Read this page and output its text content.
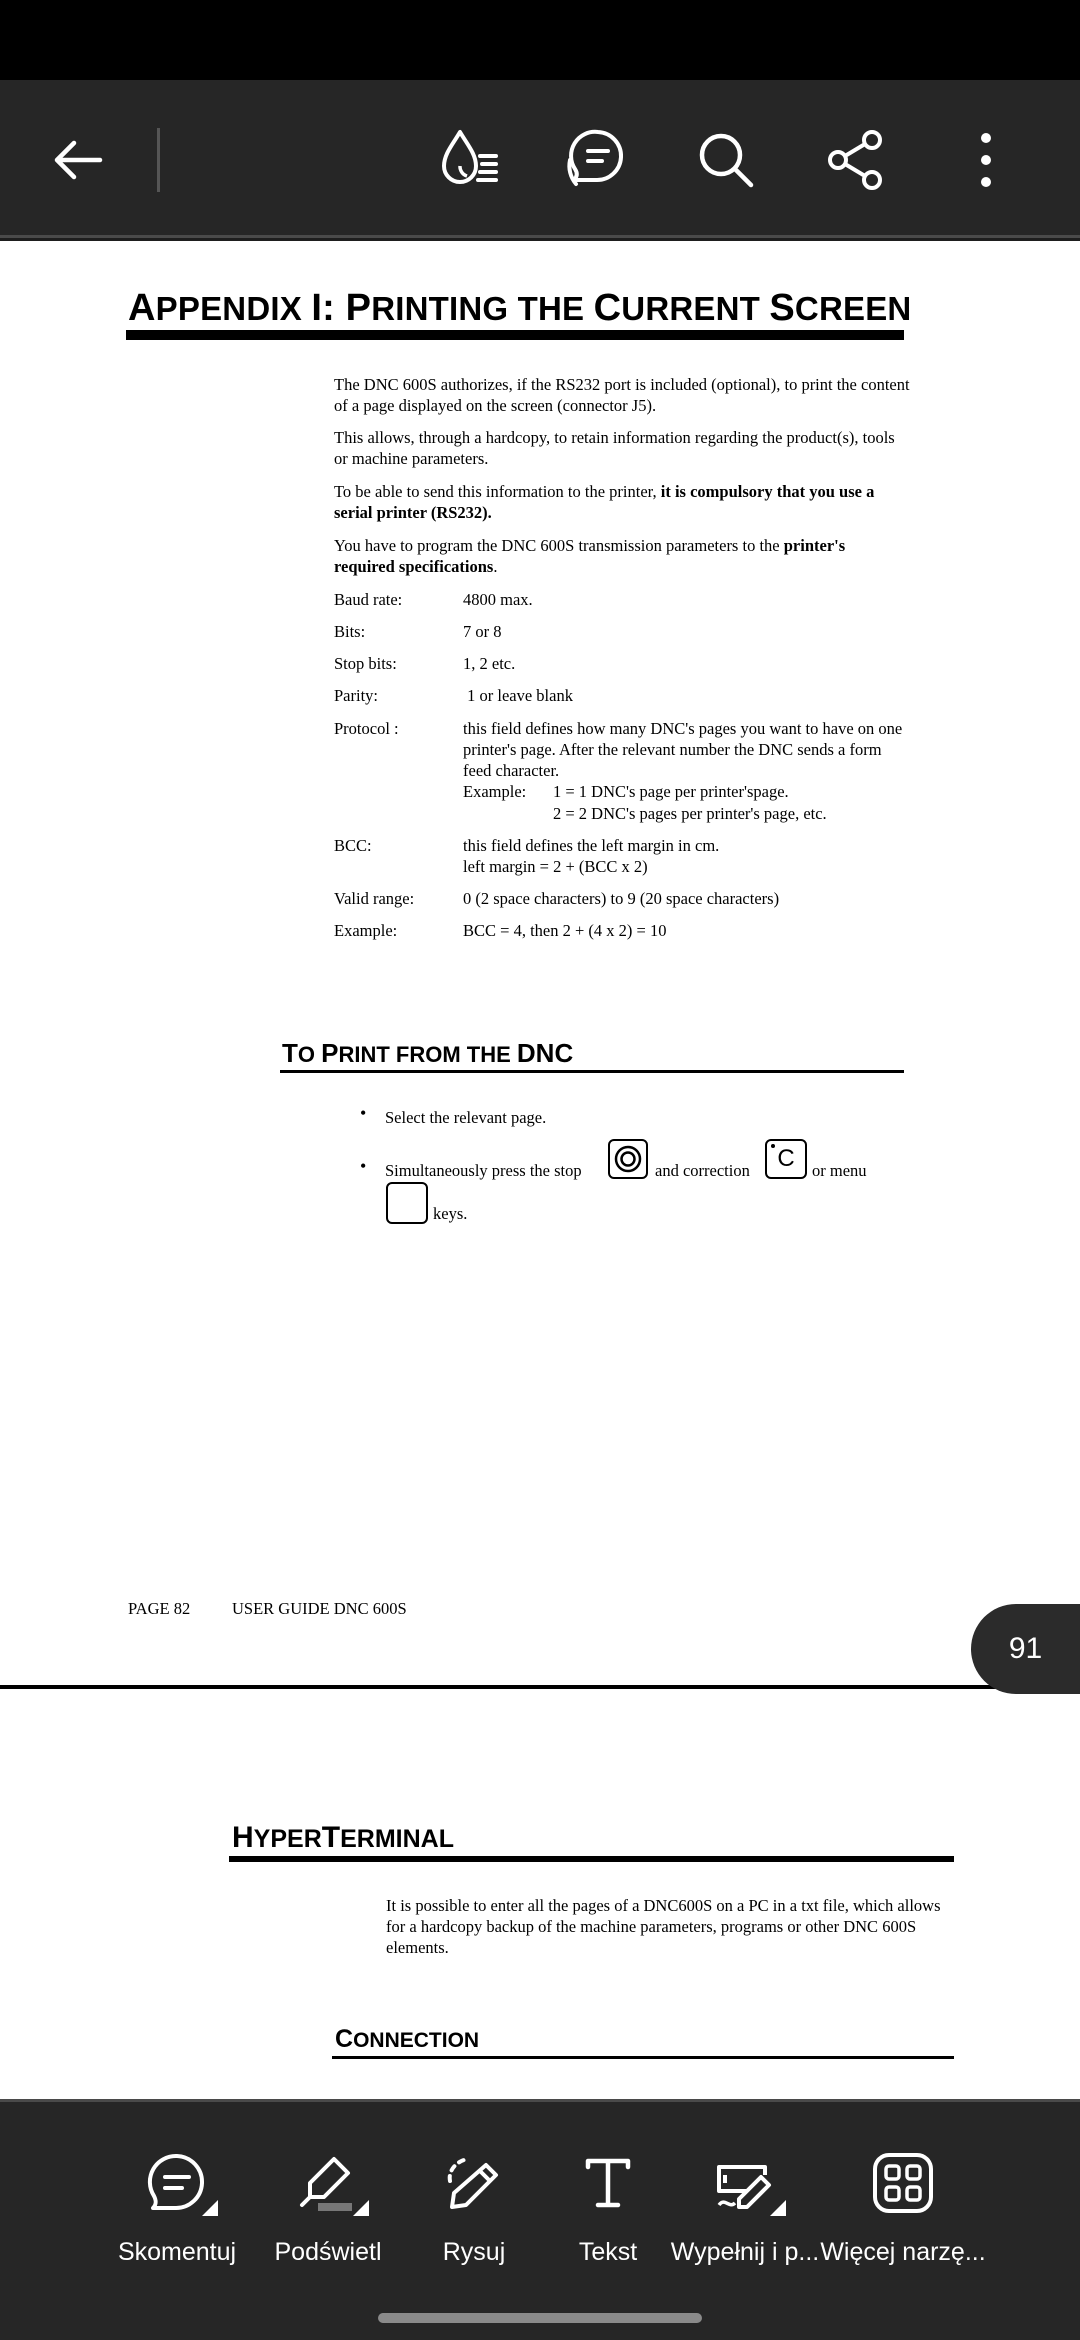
APPENDIX I: PRINTING THE CURRENT SCREEN
The DNC 600S authorizes, if the RS232 port is included (optional), to print the content of a page displayed on the screen (connector J5).
This allows, through a hardcopy, to retain information regarding the product(s), tools or machine parameters.
To be able to send this information to the printer, it is compulsory that you use a serial printer (RS232).
You have to program the DNC 600S transmission parameters to the printer's required specifications.
Baud rate:	4800 max.
Bits:	7 or 8
Stop bits:	1, 2 etc.
Parity:	1 or leave blank
Protocol :	this field defines how many DNC's pages you want to have on one printer's page. After the relevant number the DNC sends a form feed character.
Example: 1 = 1 DNC's page per printer'spage.
2 = 2 DNC's pages per printer's page, etc.
BCC:	this field defines the left margin in cm.
left margin = 2 + (BCC x 2)
Valid range:	0 (2 space characters) to 9 (20 space characters)
Example:	BCC = 4, then 2 + (4 x 2) = 10
TO PRINT FROM THE DNC
• Select the relevant page.
• Simultaneously press the stop	and correction C or menu
keys.
PAGE 82	USER GUIDE DNC 600S
HYPERTERMINAL
It is possible to enter all the pages of a DNC600S on a PC in a txt file, which allows for a hardcopy backup of the machine parameters, programs or other DNC 600S elements.
CONNECTION
91
Skomentuj Podświetl Rysuj	Tekst Wypełnij i p... Więcej narzę...
